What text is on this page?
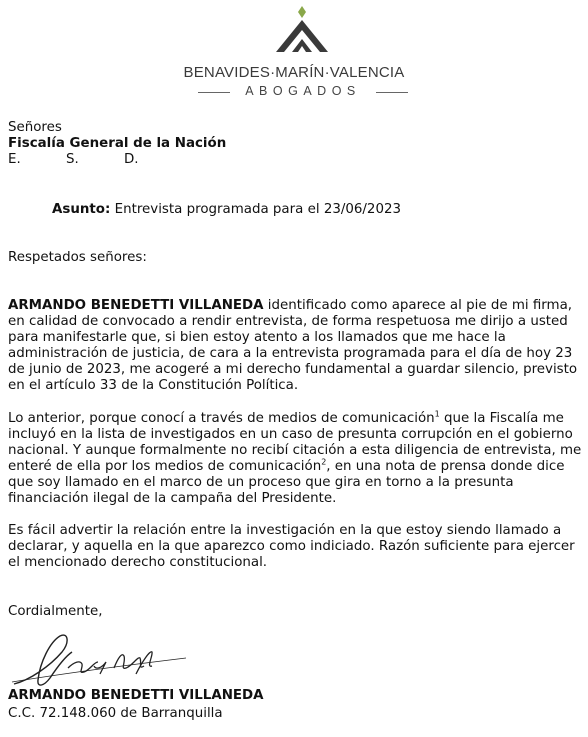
BENAVIDES·MARÍN·VALENCIA
ABOGADOS
Señores
Fiscalía General de la Nación
E.	S.	D.
Asunto: Entrevista programada para el 23/06/2023
Respetados señores:
ARMANDO BENEDETTI VILLANEDA identificado como aparece al pie de mi firma,
en calidad de convocado a rendir entrevista, de forma respetuosa me dirijo a usted
para manifestarle que, si bien estoy atento a los llamados que me hace la
administración de justicia, de cara a la entrevista programada para el día de hoy 23
de junio de 2023, me acogeré a mi derecho fundamental a guardar silencio, previsto
en el artículo 33 de la Constitución Política.
Lo anterior, porque conocí a través de medios de comunicación$^1$ que la Fiscalía me
incluyó en la lista de investigados en un caso de presunta corrupción en el gobierno
nacional. Y aunque formalmente no recibí citación a esta diligencia de entrevista, me
enteré de ella por los medios de comunicación$^2$, en una nota de prensa donde dice
que soy llamado en el marco de un proceso que gira en torno a la presunta
financiación ilegal de la campaña del Presidente.
Es fácil advertir la relación entre la investigación en la que estoy siendo llamado a
declarar, y aquella en la que aparezco como indiciado. Razón suficiente para ejercer
el mencionado derecho constitucional.
Cordialmente,
ARMANDO BENEDETTI VILLANEDA
C.C. 72.148.060 de Barranquilla
